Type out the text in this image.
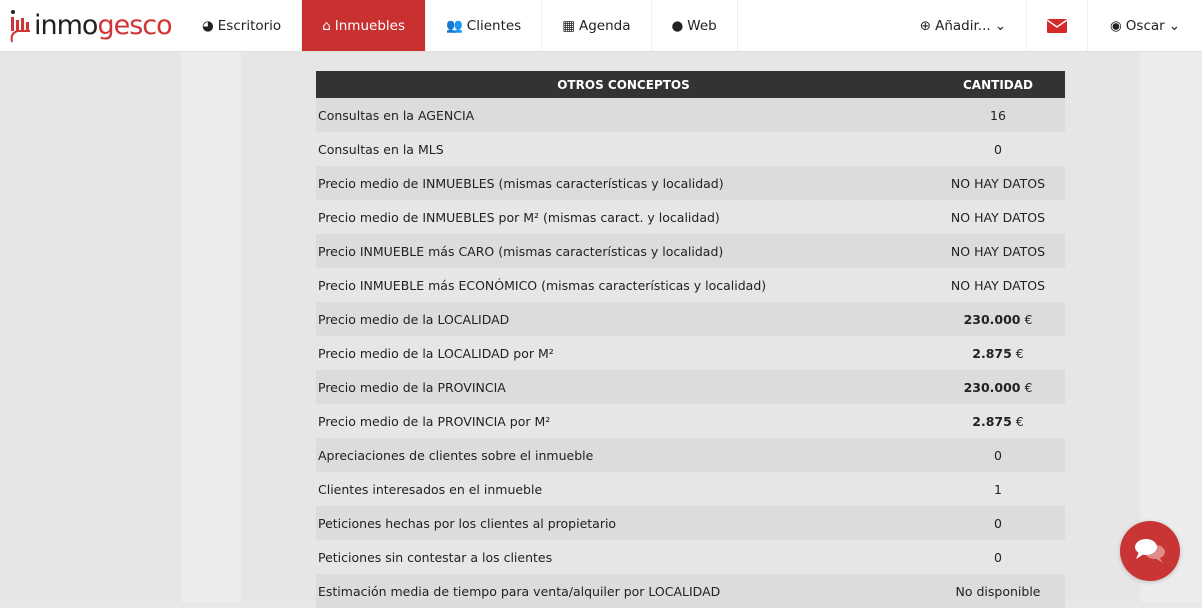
inmo gesco ◕ Escritorio	⌂ Inmuebles	👥 Clientes	▦ Agenda	● Web	⊕ Añadir... ⌄	◉ Oscar ⌄
OTROS CONCEPTOS	CANTIDAD
Consultas en la AGENCIA	16
Consultas en la MLS	0
Precio medio de INMUEBLES (mismas características y localidad)	NO HAY DATOS
Precio medio de INMUEBLES por M² (mismas caract. y localidad)	NO HAY DATOS
Precio INMUEBLE más CARO (mismas características y localidad)	NO HAY DATOS
Precio INMUEBLE más ECONÓMICO (mismas características y localidad)	NO HAY DATOS
Precio medio de la LOCALIDAD	230.000 €
Precio medio de la LOCALIDAD por M²	2.875 €
Precio medio de la PROVINCIA	230.000 €
Precio medio de la PROVINCIA por M²	2.875 €
Apreciaciones de clientes sobre el inmueble	0
Clientes interesados en el inmueble	1
Peticiones hechas por los clientes al propietario	0
Peticiones sin contestar a los clientes	0
Estimación media de tiempo para venta/alquiler por LOCALIDAD	No disponible
